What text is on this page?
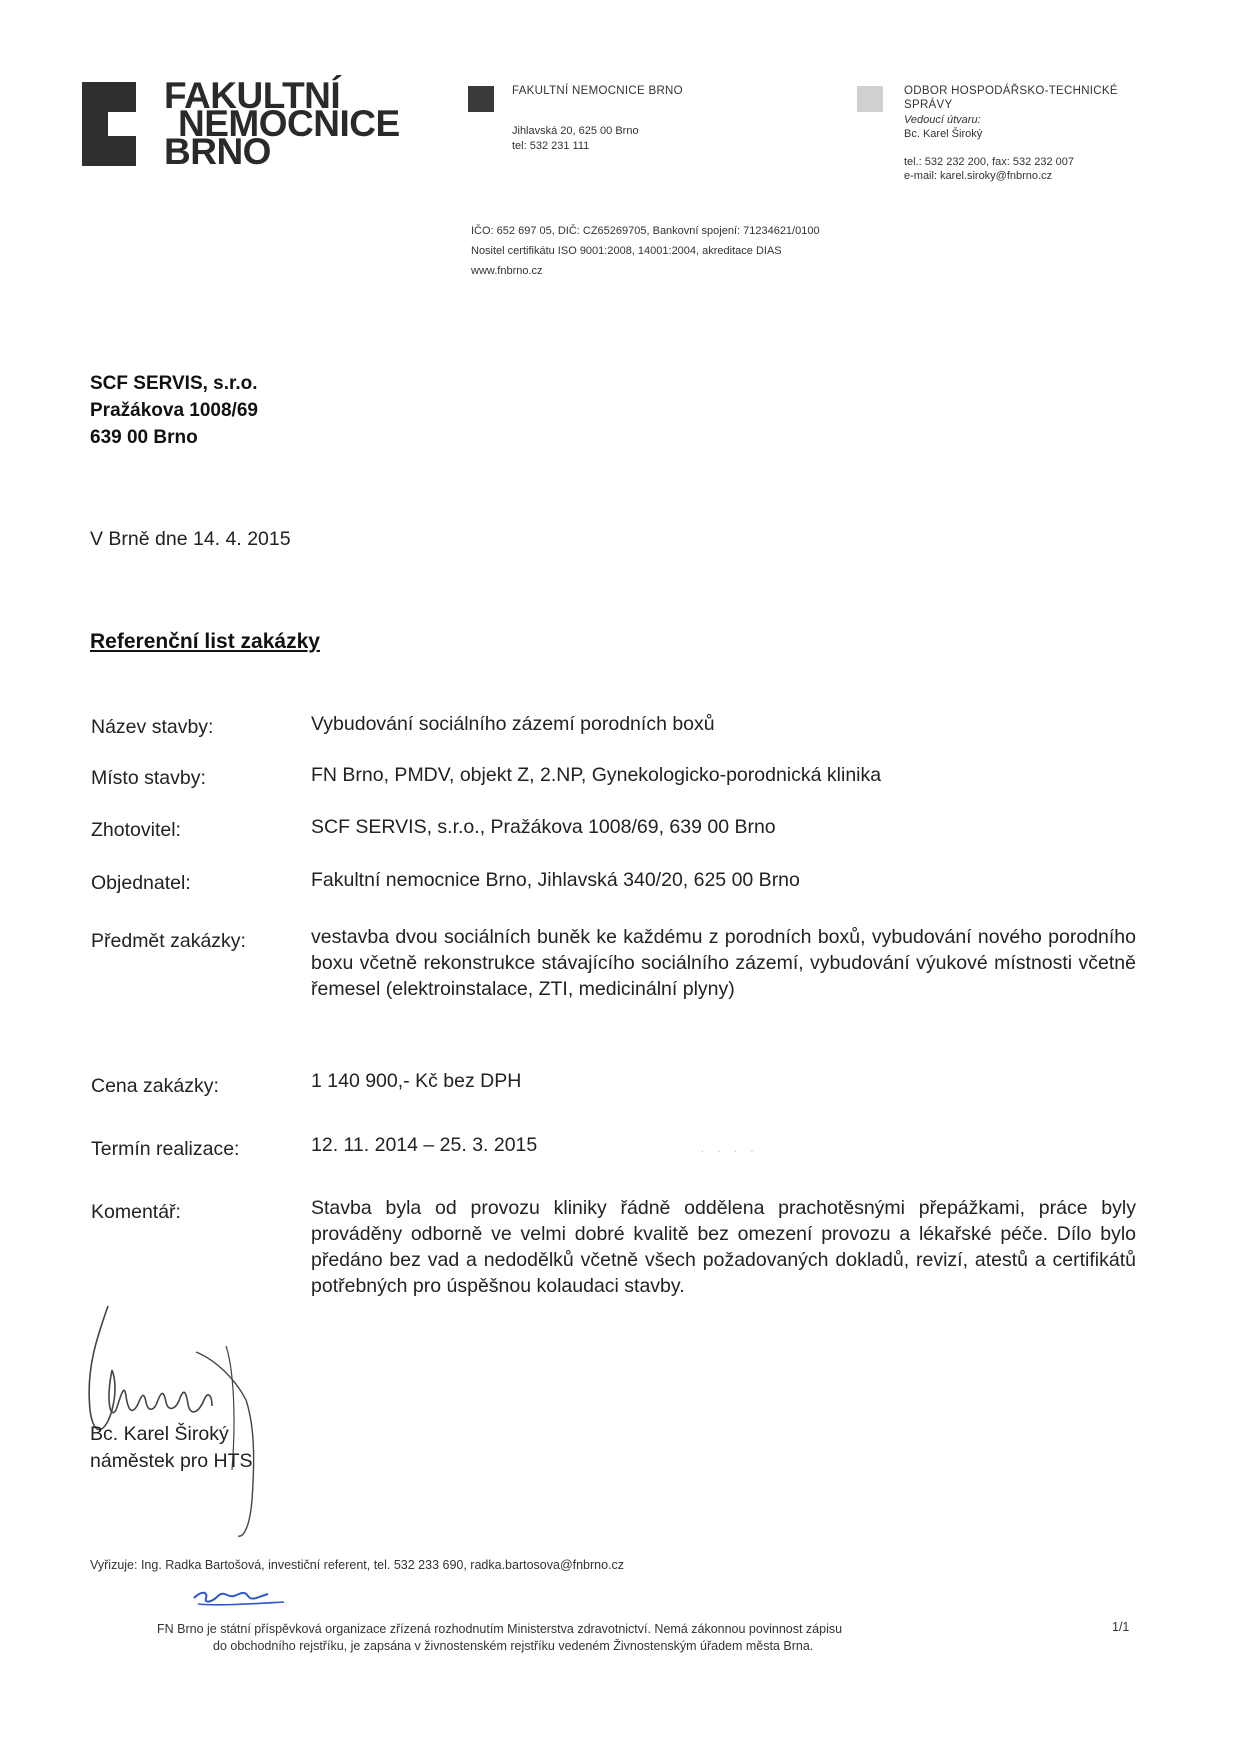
FAKULTNÍ
NEMOCNICE
BRNO
FAKULTNÍ NEMOCNICE BRNO
Jihlavská 20, 625 00 Brno
tel: 532 231 111
ODBOR HOSPODÁŘSKO-TECHNICKÉ
SPRÁVY
Vedoucí útvaru:
Bc. Karel Široký
tel.: 532 232 200, fax: 532 232 007
e-mail: karel.siroky@fnbrno.cz
IČO: 652 697 05, DIČ: CZ65269705, Bankovní spojení: 71234621/0100
Nositel certifikátu ISO 9001:2008, 14001:2004, akreditace DIAS
www.fnbrno.cz
SCF SERVIS, s.r.o.
Pražákova 1008/69
639 00 Brno
V Brně dne 14. 4. 2015
Referenční list zakázky
Název stavby:	Vybudování sociálního zázemí porodních boxů
Místo stavby:	FN Brno, PMDV, objekt Z, 2.NP, Gynekologicko-porodnická klinika
Zhotovitel:	SCF SERVIS, s.r.o., Pražákova 1008/69, 639 00 Brno
Objednatel:	Fakultní nemocnice Brno, Jihlavská 340/20, 625 00 Brno
Předmět zakázky:	vestavba dvou sociálních buněk ke každému z porodních boxů, vybudování nového porodního boxu včetně rekonstrukce stávajícího sociálního zázemí, vybudování výukové místnosti včetně řemesel (elektroinstalace, ZTI, medicinální plyny)
Cena zakázky:	1 140 900,- Kč bez DPH
Termín realizace:	12. 11. 2014 – 25. 3. 2015
Komentář:	Stavba byla od provozu kliniky řádně oddělena prachotěsnými přepážkami, práce byly prováděny odborně ve velmi dobré kvalitě bez omezení provozu a lékařské péče. Dílo bylo předáno bez vad a nedodělků včetně všech požadovaných dokladů, revizí, atestů a certifikátů potřebných pro úspěšnou kolaudaci stavby.
Bc. Karel Široký
náměstek pro HTS
· · · ·
Vyřizuje: Ing. Radka Bartošová, investiční referent, tel. 532 233 690, radka.bartosova@fnbrno.cz
FN Brno je státní příspěvková organizace zřízená rozhodnutím Ministerstva zdravotnictví. Nemá zákonnou povinnost zápisu
do obchodního rejstříku, je zapsána v živnostenském rejstříku vedeném Živnostenským úřadem města Brna.
1/1
